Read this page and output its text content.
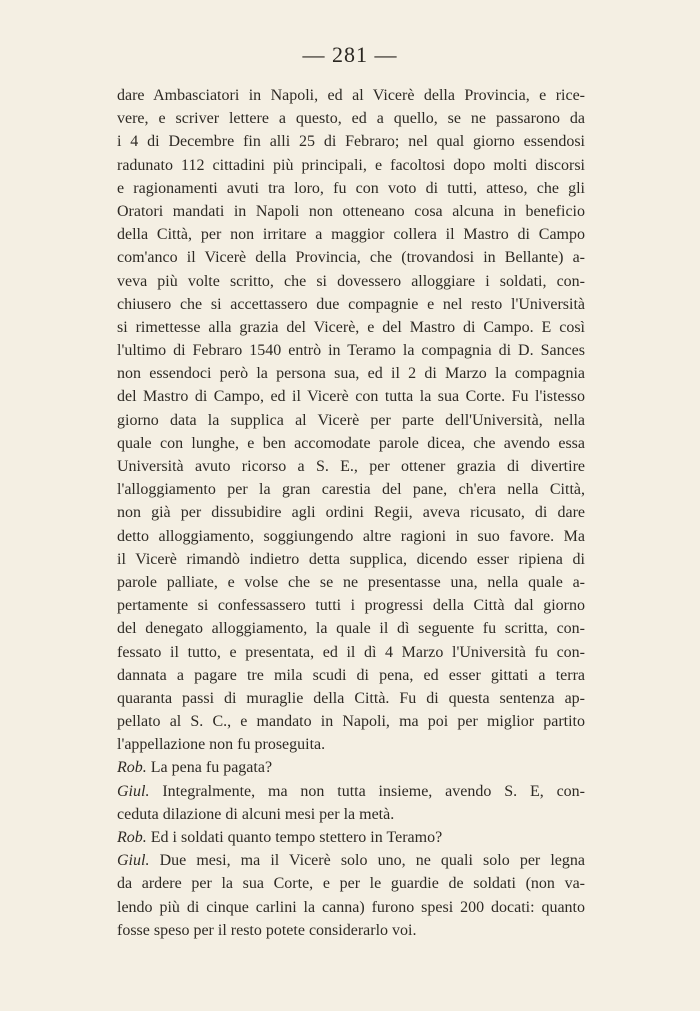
— 281 —
dare Ambasciatori in Napoli, ed al Vicerè della Provincia, e rice-
vere, e scriver lettere a questo, ed a quello, se ne passarono da
i 4 di Decembre fin alli 25 di Febraro; nel qual giorno essendosi
radunato 112 cittadini più principali, e facoltosi dopo molti discorsi
e ragionamenti avuti tra loro, fu con voto di tutti, atteso, che gli
Oratori mandati in Napoli non otteneano cosa alcuna in beneficio
della Città, per non irritare a maggior collera il Mastro di Campo
com'anco il Vicerè della Provincia, che (trovandosi in Bellante) a-
veva più volte scritto, che si dovessero alloggiare i soldati, con-
chiusero che si accettassero due compagnie e nel resto l'Università
si rimettesse alla grazia del Vicerè, e del Mastro di Campo. E così
l'ultimo di Febraro 1540 entrò in Teramo la compagnia di D. Sances
non essendoci però la persona sua, ed il 2 di Marzo la compagnia
del Mastro di Campo, ed il Vicerè con tutta la sua Corte. Fu l'istesso
giorno data la supplica al Vicerè per parte dell'Università, nella
quale con lunghe, e ben accomodate parole dicea, che avendo essa
Università avuto ricorso a S. E., per ottener grazia di divertire
l'alloggiamento per la gran carestia del pane, ch'era nella Città,
non già per dissubidire agli ordini Regii, aveva ricusato, di dare
detto alloggiamento, soggiungendo altre ragioni in suo favore. Ma
il Vicerè rimandò indietro detta supplica, dicendo esser ripiena di
parole palliate, e volse che se ne presentasse una, nella quale a-
pertamente si confessassero tutti i progressi della Città dal giorno
del denegato alloggiamento, la quale il dì seguente fu scritta, con-
fessato il tutto, e presentata, ed il dì 4 Marzo l'Università fu con-
dannata a pagare tre mila scudi di pena, ed esser gittati a terra
quaranta passi di muraglie della Città. Fu di questa sentenza ap-
pellato al S. C., e mandato in Napoli, ma poi per miglior partito
l'appellazione non fu proseguita.
Rob. La pena fu pagata?
Giul. Integralmente, ma non tutta insieme, avendo S. E, con-
ceduta dilazione di alcuni mesi per la metà.
Rob. Ed i soldati quanto tempo stettero in Teramo?
Giul. Due mesi, ma il Vicerè solo uno, ne quali solo per legna
da ardere per la sua Corte, e per le guardie de soldati (non va-
lendo più di cinque carlini la canna) furono spesi 200 docati: quanto
fosse speso per il resto potete considerarlo voi.
